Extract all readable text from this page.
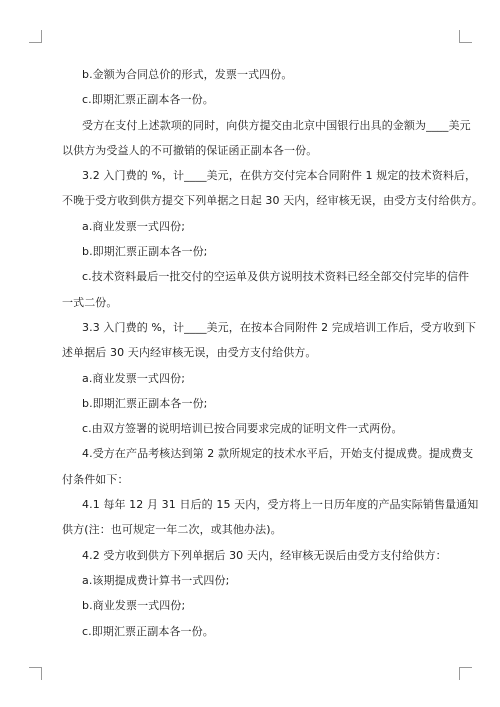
b.金额为合同总价的形式，发票一式四份。
c.即期汇票正副本各一份。
受方在支付上述款项的同时，向供方提交由北京中国银行出具的金额为____美元
以供方为受益人的不可撤销的保证函正副本各一份。
3.2 入门费的 %，计____美元，在供方交付完本合同附件 1 规定的技术资料后，
不晚于受方收到供方提交下列单据之日起 30 天内，经审核无误，由受方支付给供方。
a.商业发票一式四份;
b.即期汇票正副本各一份;
c.技术资料最后一批交付的空运单及供方说明技术资料已经全部交付完毕的信件
一式二份。
3.3 入门费的 %，计____美元，在按本合同附件 2 完成培训工作后，受方收到下
述单据后 30 天内经审核无误，由受方支付给供方。
a.商业发票一式四份;
b.即期汇票正副本各一份;
c.由双方签署的说明培训已按合同要求完成的证明文件一式两份。
4.受方在产品考核达到第 2 款所规定的技术水平后，开始支付提成费。提成费支
付条件如下：
4.1 每年 12 月 31 日后的 15 天内，受方将上一日历年度的产品实际销售量通知
供方(注：也可规定一年二次，或其他办法)。
4.2 受方收到供方下列单据后 30 天内，经审核无误后由受方支付给供方：
a.该期提成费计算书一式四份;
b.商业发票一式四份;
c.即期汇票正副本各一份。
